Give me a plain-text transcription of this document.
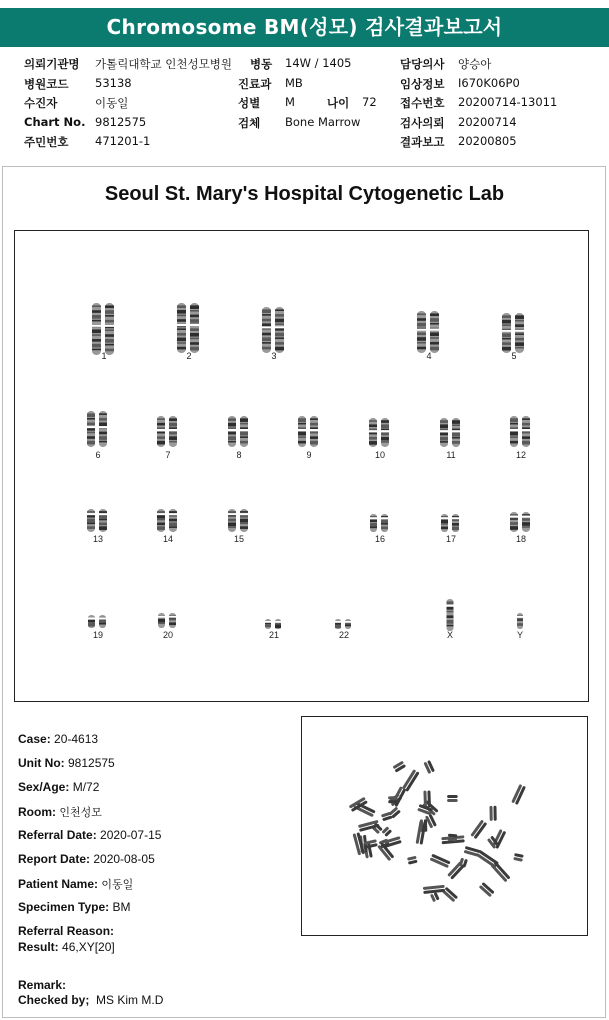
Chromosome BM(성모) 검사결과보고서
의뢰기관명 가톨릭대학교 인천성모병원 병동 14W / 1405	담당의사 양승아
병원코드 53138	진료과 MB	임상정보 I670K06P0
수진자	이동일	성별 M	나이 72 접수번호 20200714-13011
Chart No. 9812575	검체 Bone Marrow	검사의뢰 20200714
주민번호 471201-1	결과보고 20200805
Seoul St. Mary's Hospital Cytogenetic Lab
1	2	3	4	5
6	7	8	9	10	11	12
13	14	15	16	17	18
19	20	21	22	X	Y
Case: 20-4613
Unit No: 9812575
Sex/Age: M/72
Room: 인천성모
Referral Date: 2020-07-15
Report Date: 2020-08-05
Patient Name: 이동일
Specimen Type: BM
Referral Reason:
Result: 46,XY[20]
Remark:
Checked by; MS Kim M.D
